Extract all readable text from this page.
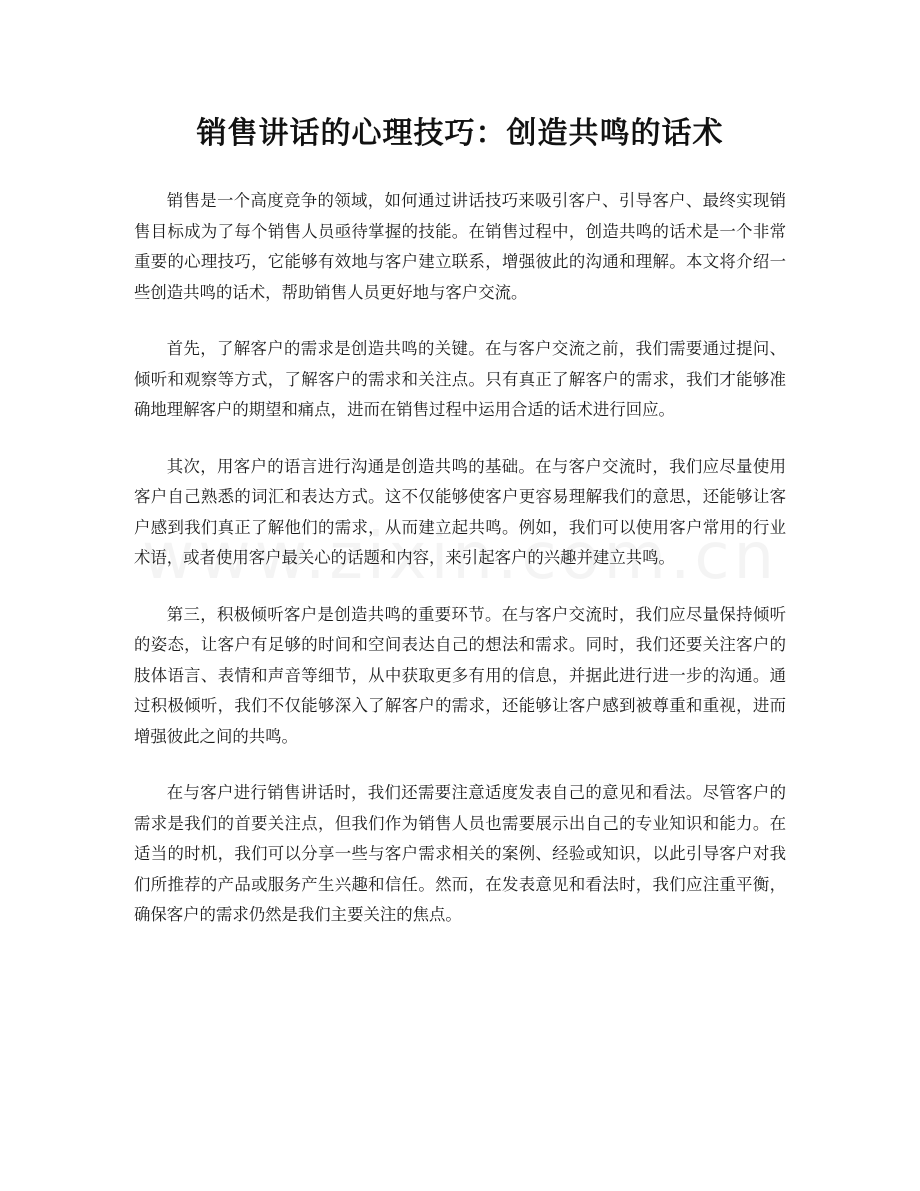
销售讲话的心理技巧：创造共鸣的话术

销售是一个高度竞争的领域，如何通过讲话技巧来吸引客户、引导客户、最终实现销售目标成为了每个销售人员亟待掌握的技能。在销售过程中，创造共鸣的话术是一个非常重要的心理技巧，它能够有效地与客户建立联系，增强彼此的沟通和理解。本文将介绍一些创造共鸣的话术，帮助销售人员更好地与客户交流。

首先，了解客户的需求是创造共鸣的关键。在与客户交流之前，我们需要通过提问、倾听和观察等方式，了解客户的需求和关注点。只有真正了解客户的需求，我们才能够准确地理解客户的期望和痛点，进而在销售过程中运用合适的话术进行回应。

其次，用客户的语言进行沟通是创造共鸣的基础。在与客户交流时，我们应尽量使用客户自己熟悉的词汇和表达方式。这不仅能够使客户更容易理解我们的意思，还能够让客户感到我们真正了解他们的需求，从而建立起共鸣。例如，我们可以使用客户常用的行业术语，或者使用客户最关心的话题和内容，来引起客户的兴趣并建立共鸣。

第三，积极倾听客户是创造共鸣的重要环节。在与客户交流时，我们应尽量保持倾听的姿态，让客户有足够的时间和空间表达自己的想法和需求。同时，我们还要关注客户的肢体语言、表情和声音等细节，从中获取更多有用的信息，并据此进行进一步的沟通。通过积极倾听，我们不仅能够深入了解客户的需求，还能够让客户感到被尊重和重视，进而增强彼此之间的共鸣。

在与客户进行销售讲话时，我们还需要注意适度发表自己的意见和看法。尽管客户的需求是我们的首要关注点，但我们作为销售人员也需要展示出自己的专业知识和能力。在适当的时机，我们可以分享一些与客户需求相关的案例、经验或知识，以此引导客户对我们所推荐的产品或服务产生兴趣和信任。然而，在发表意见和看法时，我们应注重平衡，确保客户的需求仍然是我们主要关注的焦点。
